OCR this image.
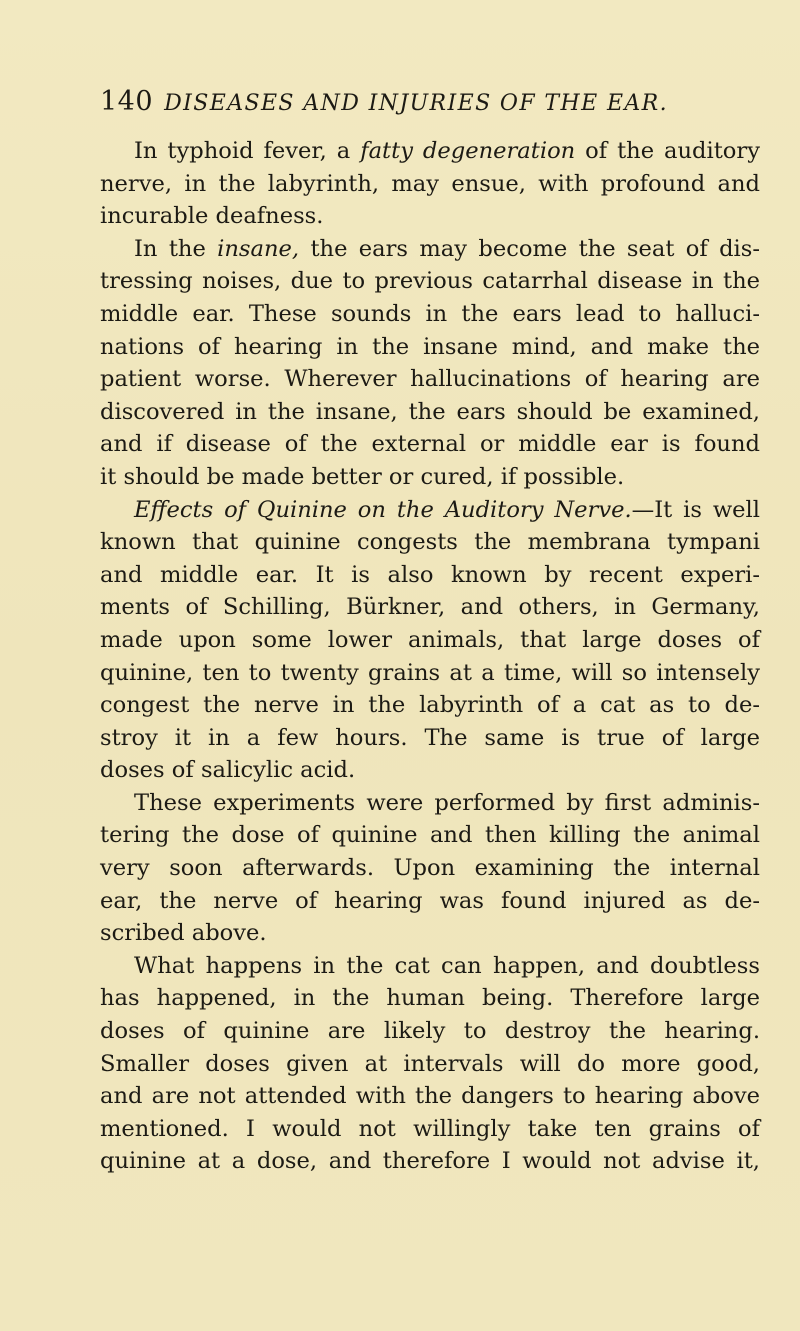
140 DISEASES AND INJURIES OF THE EAR.
In typhoid fever, a fatty degeneration of the auditory
nerve, in the labyrinth, may ensue, with profound and
incurable deafness.
In the insane, the ears may become the seat of dis-
tressing noises, due to previous catarrhal disease in the
middle ear. These sounds in the ears lead to halluci-
nations of hearing in the insane mind, and make the
patient worse. Wherever hallucinations of hearing are
discovered in the insane, the ears should be examined,
and if disease of the external or middle ear is found
it should be made better or cured, if possible.
Effects of Quinine on the Auditory Nerve.—It is well
known that quinine congests the membrana tympani
and middle ear. It is also known by recent experi-
ments of Schilling, Bürkner, and others, in Germany,
made upon some lower animals, that large doses of
quinine, ten to twenty grains at a time, will so intensely
congest the nerve in the labyrinth of a cat as to de-
stroy it in a few hours. The same is true of large
doses of salicylic acid.
These experiments were performed by first adminis-
tering the dose of quinine and then killing the animal
very soon afterwards. Upon examining the internal
ear, the nerve of hearing was found injured as de-
scribed above.
What happens in the cat can happen, and doubtless
has happened, in the human being. Therefore large
doses of quinine are likely to destroy the hearing.
Smaller doses given at intervals will do more good,
and are not attended with the dangers to hearing above
mentioned. I would not willingly take ten grains of
quinine at a dose, and therefore I would not advise it,
